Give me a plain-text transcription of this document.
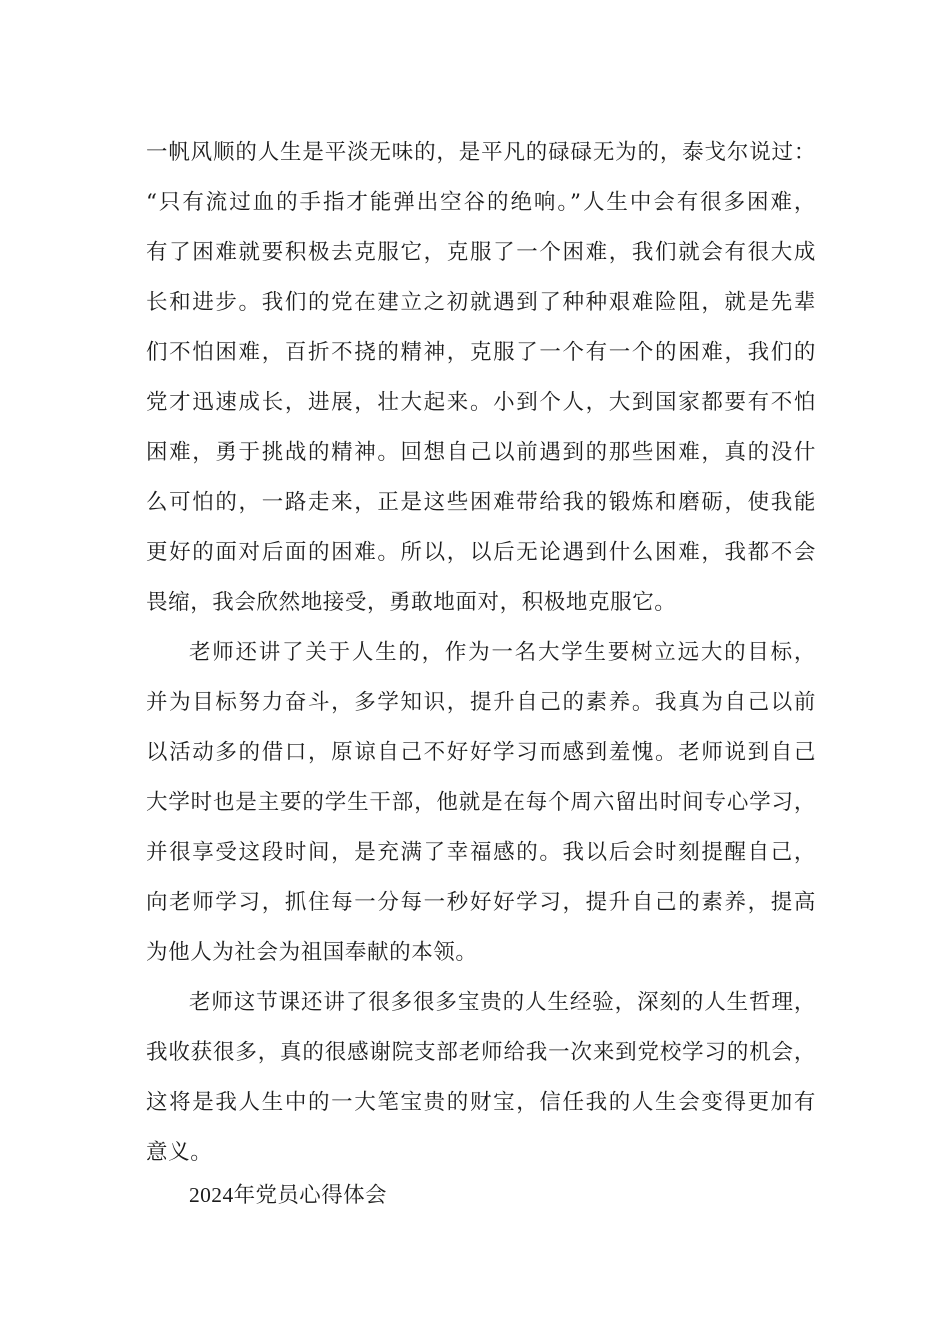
一帆风顺的人生是平淡无味的，是平凡的碌碌无为的，泰戈尔说过：
“只有流过血的手指才能弹出空谷的绝响。”人生中会有很多困难，
有了困难就要积极去克服它，克服了一个困难，我们就会有很大成
长和进步。我们的党在建立之初就遇到了种种艰难险阻，就是先辈
们不怕困难，百折不挠的精神，克服了一个有一个的困难，我们的
党才迅速成长，进展，壮大起来。小到个人，大到国家都要有不怕
困难，勇于挑战的精神。回想自己以前遇到的那些困难，真的没什
么可怕的，一路走来，正是这些困难带给我的锻炼和磨砺，使我能
更好的面对后面的困难。所以，以后无论遇到什么困难，我都不会
畏缩，我会欣然地接受，勇敢地面对，积极地克服它。
老师还讲了关于人生的，作为一名大学生要树立远大的目标，
并为目标努力奋斗，多学知识，提升自己的素养。我真为自己以前
以活动多的借口，原谅自己不好好学习而感到羞愧。老师说到自己
大学时也是主要的学生干部，他就是在每个周六留出时间专心学习，
并很享受这段时间，是充满了幸福感的。我以后会时刻提醒自己，
向老师学习，抓住每一分每一秒好好学习，提升自己的素养，提高
为他人为社会为祖国奉献的本领。
老师这节课还讲了很多很多宝贵的人生经验，深刻的人生哲理，
我收获很多，真的很感谢院支部老师给我一次来到党校学习的机会，
这将是我人生中的一大笔宝贵的财宝，信任我的人生会变得更加有
意义。
2024年党员心得体会
